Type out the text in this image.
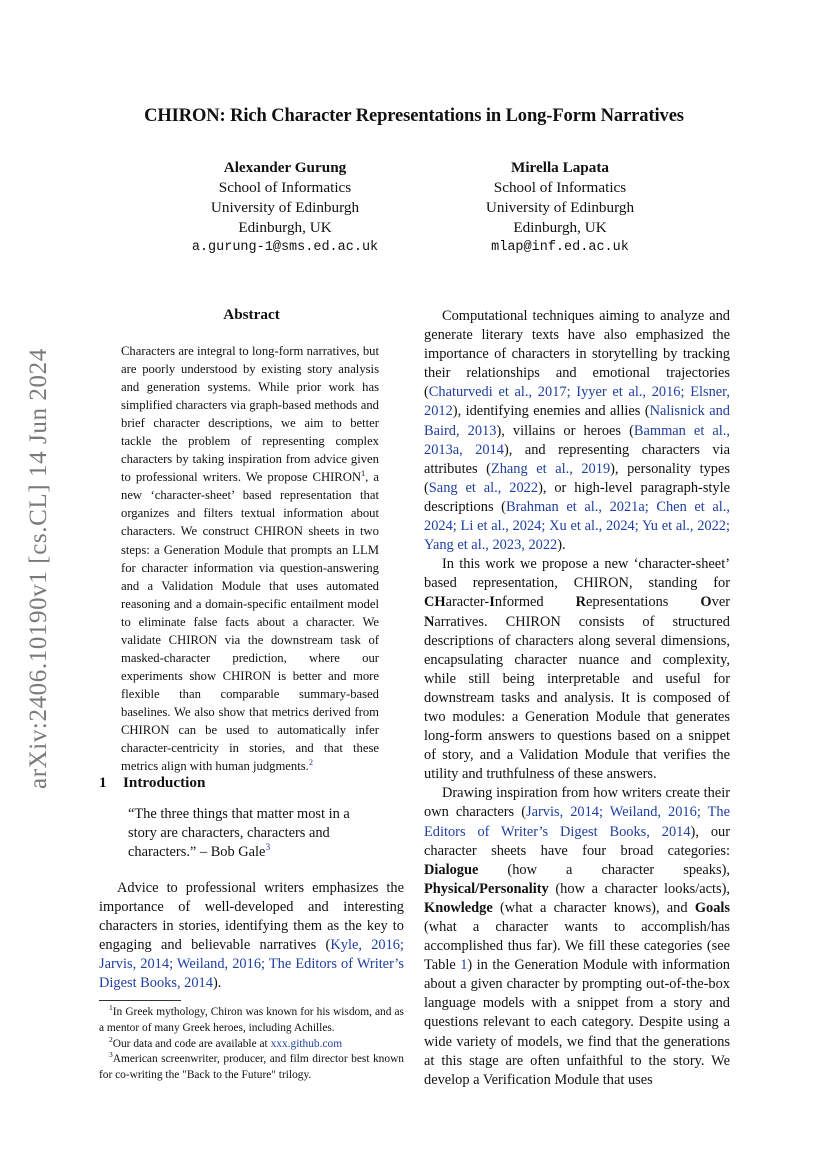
arXiv:2406.10190v1 [cs.CL] 14 Jun 2024
CHIRON: Rich Character Representations in Long-Form Narratives
Alexander Gurung
School of Informatics
University of Edinburgh
Edinburgh, UK
a.gurung-1@sms.ed.ac.uk
Mirella Lapata
School of Informatics
University of Edinburgh
Edinburgh, UK
mlap@inf.ed.ac.uk
Abstract

Characters are integral to long-form narratives, but are poorly understood by existing story analysis and generation systems. While prior work has simplified characters via graph-based methods and brief character descriptions, we aim to better tackle the problem of representing complex characters by taking inspiration from advice given to professional writers. We propose CHIRON$^1$, a new ‘character-sheet’ based representation that organizes and filters textual information about characters. We construct CHIRON sheets in two steps: a Generation Module that prompts an LLM for character information via question-answering and a Validation Module that uses automated reasoning and a domain-specific entailment model to eliminate false facts about a character. We validate CHIRON via the downstream task of masked-character prediction, where our experiments show CHIRON is better and more flexible than comparable summary-based baselines. We also show that metrics derived from CHIRON can be used to automatically infer character-centricity in stories, and that these metrics align with human judgments.$^2$

1 Introduction
“The three things that matter most in a story are characters, characters and characters.” – Bob Gale$^3$

Advice to professional writers emphasizes the importance of well-developed and interesting characters in stories, identifying them as the key to engaging and believable narratives (Kyle, 2016; Jarvis, 2014; Weiland, 2016; The Editors of Writer’s Digest Books, 2014).

$^1$In Greek mythology, Chiron was known for his wisdom, and as a mentor of many Greek heroes, including Achilles.
$^2$Our data and code are available at xxx.github.com
$^3$American screenwriter, producer, and film director best known for co-writing the "Back to the Future" trilogy.

Computational techniques aiming to analyze and generate literary texts have also emphasized the importance of characters in storytelling by tracking their relationships and emotional trajectories (Chaturvedi et al., 2017; Iyyer et al., 2016; Elsner, 2012), identifying enemies and allies (Nalisnick and Baird, 2013), villains or heroes (Bamman et al., 2013a, 2014), and representing characters via attributes (Zhang et al., 2019), personality types (Sang et al., 2022), or high-level paragraph-style descriptions (Brahman et al., 2021a; Chen et al., 2024; Li et al., 2024; Xu et al., 2024; Yu et al., 2022; Yang et al., 2023, 2022).

In this work we propose a new ‘character-sheet’ based representation, CHIRON, standing for CHaracter-Informed Representations Over Narratives. CHIRON consists of structured descriptions of characters along several dimensions, encapsulating character nuance and complexity, while still being interpretable and useful for downstream tasks and analysis. It is composed of two modules: a Generation Module that generates long-form answers to questions based on a snippet of story, and a Validation Module that verifies the utility and truthfulness of these answers.

Drawing inspiration from how writers create their own characters (Jarvis, 2014; Weiland, 2016; The Editors of Writer’s Digest Books, 2014), our character sheets have four broad categories: Dialogue (how a character speaks), Physical/Personality (how a character looks/acts), Knowledge (what a character knows), and Goals (what a character wants to accomplish/has accomplished thus far). We fill these categories (see Table 1) in the Generation Module with information about a given character by prompting out-of-the-box language models with a snippet from a story and questions relevant to each category. Despite using a wide variety of models, we find that the generations at this stage are often unfaithful to the story. We develop a Verification Module that uses
